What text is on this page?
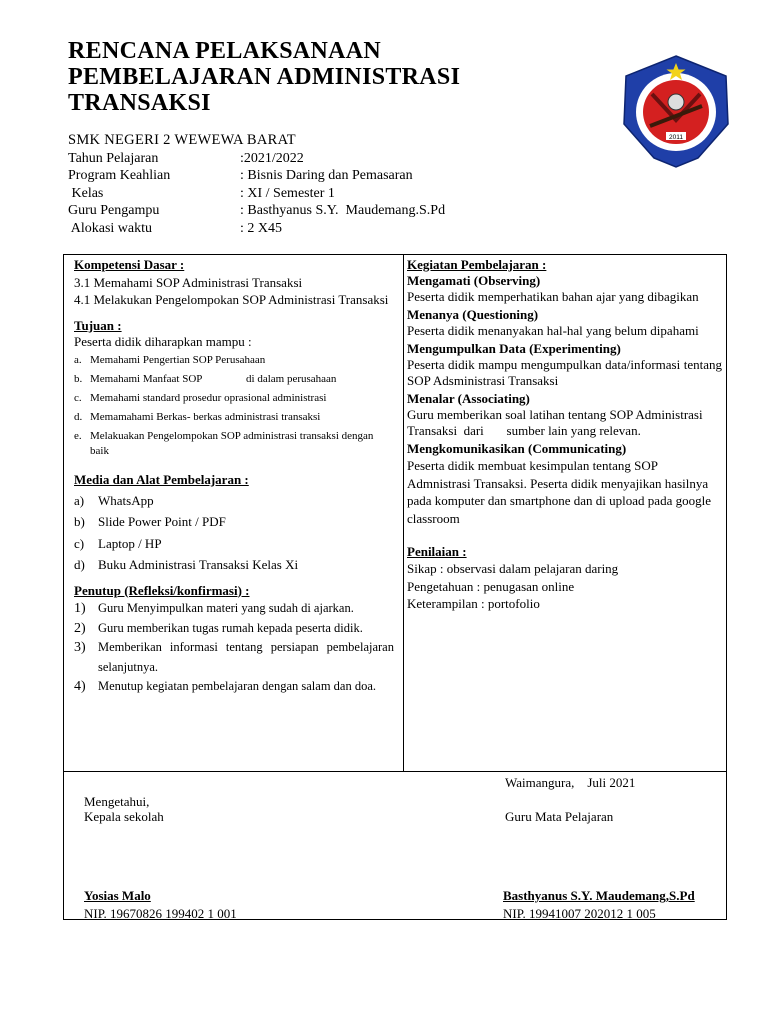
RENCANA PELAKSANAAN
PEMBELAJARAN ADMINISTRASI
TRANSAKSI
2011
SMK NEGERI 2 WEWEWA BARAT
Tahun Pelajaran	:2021/2022
Program Keahlian	: Bisnis Daring dan Pemasaran
Kelas	: XI / Semester 1
Guru Pengampu	: Basthyanus S.Y.  Maudemang.S.Pd
Alokasi waktu	: 2 X45
Kompetensi Dasar :
3.1 Memahami SOP Administrasi Transaksi
4.1 Melakukan Pengelompokan SOP Administrasi Transaksi
Tujuan :
Peserta didik diharapkan mampu :
a. Memahami Pengertian SOP Perusahaan
b. Memahami Manfaat SOP                di dalam perusahaan
c. Memahami standard prosedur oprasional administrasi
d. Memamahami Berkas- berkas administrasi transaksi
e. Melakuakan Pengelompokan SOP administrasi transaksi dengan baik
Media dan Alat Pembelajaran :
a) WhatsApp
b) Slide Power Point / PDF
c) Laptop / HP
d) Buku Administrasi Transaksi Kelas Xi
Penutup (Refleksi/konfirmasi) :
1) Guru Menyimpulkan materi yang sudah di ajarkan.
2) Guru memberikan tugas rumah kepada peserta didik.
3) Memberikan informasi tentang persiapan pembelajaran selanjutnya.
4) Menutup kegiatan pembelajaran dengan salam dan doa.
Kegiatan Pembelajaran :
Mengamati (Observing)
Peserta didik memperhatikan bahan ajar yang dibagikan
Menanya (Questioning)
Peserta didik menanyakan hal-hal yang belum dipahami
Mengumpulkan Data (Experimenting)
Peserta didik mampu mengumpulkan data/informasi tentang SOP Adsministrasi Transaksi
Menalar (Associating)
Guru memberikan soal latihan tentang SOP Administrasi Transaksi  dari       sumber lain yang relevan.
Mengkomunikasikan (Communicating)
Peserta didik membuat kesimpulan tentang SOP Admnistrasi Transaksi. Peserta didik menyajikan hasilnya pada komputer dan smartphone dan di upload pada google classroom
Penilaian :
Sikap : observasi dalam pelajaran daring
Pengetahuan : penugasan online
Keterampilan : portofolio
Waimangura,    Juli 2021
Mengetahui,
Kepala sekolah	Guru Mata Pelajaran
Yosias Malo
NIP. 19670826 199402 1 001
Basthyanus S.Y. Maudemang,S.Pd
NIP. 19941007 202012 1 005
